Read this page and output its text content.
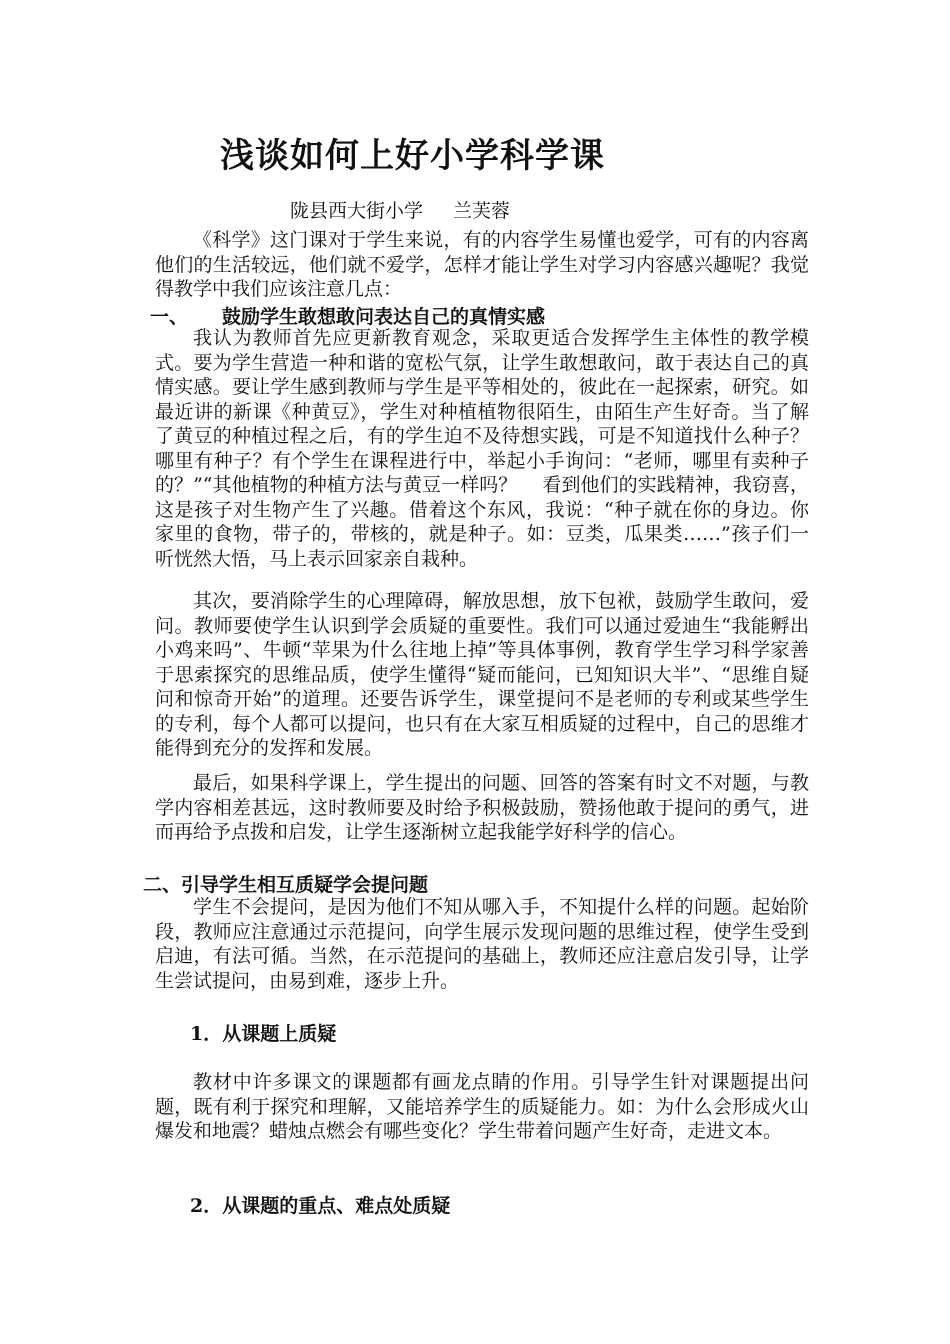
浅谈如何上好小学科学课
陇县西大街小学 兰芙蓉

《科学》这门课对于学生来说，有的内容学生易懂也爱学，可有的内容离他们的生活较远，他们就不爱学，怎样才能让学生对学习内容感兴趣呢？我觉得教学中我们应该注意几点：

一、 鼓励学生敢想敢问表达自己的真情实感

我认为教师首先应更新教育观念，采取更适合发挥学生主体性的教学模式。要为学生营造一种和谐的宽松气氛，让学生敢想敢问，敢于表达自己的真情实感。要让学生感到教师与学生是平等相处的，彼此在一起探索，研究。如最近讲的新课《种黄豆》，学生对种植植物很陌生，由陌生产生好奇。当了解了黄豆的种植过程之后，有的学生迫不及待想实践，可是不知道找什么种子？哪里有种子？有个学生在课程进行中，举起小手询问：“老师，哪里有卖种子的？”“其他植物的种植方法与黄豆一样吗？　 看到他们的实践精神，我窃喜，这是孩子对生物产生了兴趣。借着这个东风，我说：“种子就在你的身边。你家里的食物，带子的，带核的，就是种子。如：豆类，瓜果类……”孩子们一听恍然大悟，马上表示回家亲自栽种。

其次，要消除学生的心理障碍，解放思想，放下包袱，鼓励学生敢问，爱问。教师要使学生认识到学会质疑的重要性。我们可以通过爱迪生“我能孵出小鸡来吗”、牛顿“苹果为什么往地上掉”等具体事例，教育学生学习科学家善于思索探究的思维品质，使学生懂得“疑而能问，已知知识大半”、“思维自疑问和惊奇开始”的道理。还要告诉学生，课堂提问不是老师的专利或某些学生的专利，每个人都可以提问，也只有在大家互相质疑的过程中，自己的思维才能得到充分的发挥和发展。

最后，如果科学课上，学生提出的问题、回答的答案有时文不对题，与教学内容相差甚远，这时教师要及时给予积极鼓励，赞扬他敢于提问的勇气，进而再给予点拨和启发，让学生逐渐树立起我能学好科学的信心。

二、引导学生相互质疑学会提问题

学生不会提问，是因为他们不知从哪入手，不知提什么样的问题。起始阶段，教师应注意通过示范提问，向学生展示发现问题的思维过程，使学生受到启迪，有法可循。当然，在示范提问的基础上，教师还应注意启发引导，让学生尝试提问，由易到难，逐步上升。

1．从课题上质疑

教材中许多课文的课题都有画龙点睛的作用。引导学生针对课题提出问题，既有利于探究和理解，又能培养学生的质疑能力。如：为什么会形成火山爆发和地震？蜡烛点燃会有哪些变化？学生带着问题产生好奇，走进文本。

2．从课题的重点、难点处质疑
